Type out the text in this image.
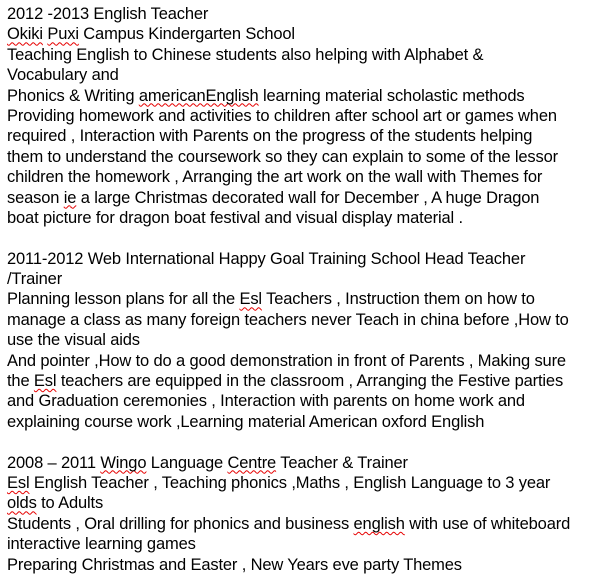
2012 -2013 English Teacher
Okiki Puxi Campus Kindergarten School
Teaching English to Chinese students also helping with Alphabet &
Vocabulary and
Phonics & Writing americanEnglish learning material scholastic methods
Providing homework and activities to children after school art or games when
required , Interaction with Parents on the progress of the students helping
them to understand the coursework so they can explain to some of the lessor
children the homework , Arranging the art work on the wall with Themes for
season ie a large Christmas decorated wall for December , A huge Dragon
boat picture for dragon boat festival and visual display material .

2011-2012 Web International Happy Goal Training School Head Teacher
/Trainer
Planning lesson plans for all the Esl Teachers , Instruction them on how to
manage a class as many foreign teachers never Teach in china before ,How to
use the visual aids
And pointer ,How to do a good demonstration in front of Parents , Making sure
the Esl teachers are equipped in the classroom , Arranging the Festive parties
and Graduation ceremonies , Interaction with parents on home work and
explaining course work ,Learning material American oxford English

2008 – 2011 Wingo Language Centre Teacher & Trainer
Esl English Teacher , Teaching phonics ,Maths , English Language to 3 year
olds to Adults
Students , Oral drilling for phonics and business english with use of whiteboard
interactive learning games
Preparing Christmas and Easter , New Years eve party Themes
